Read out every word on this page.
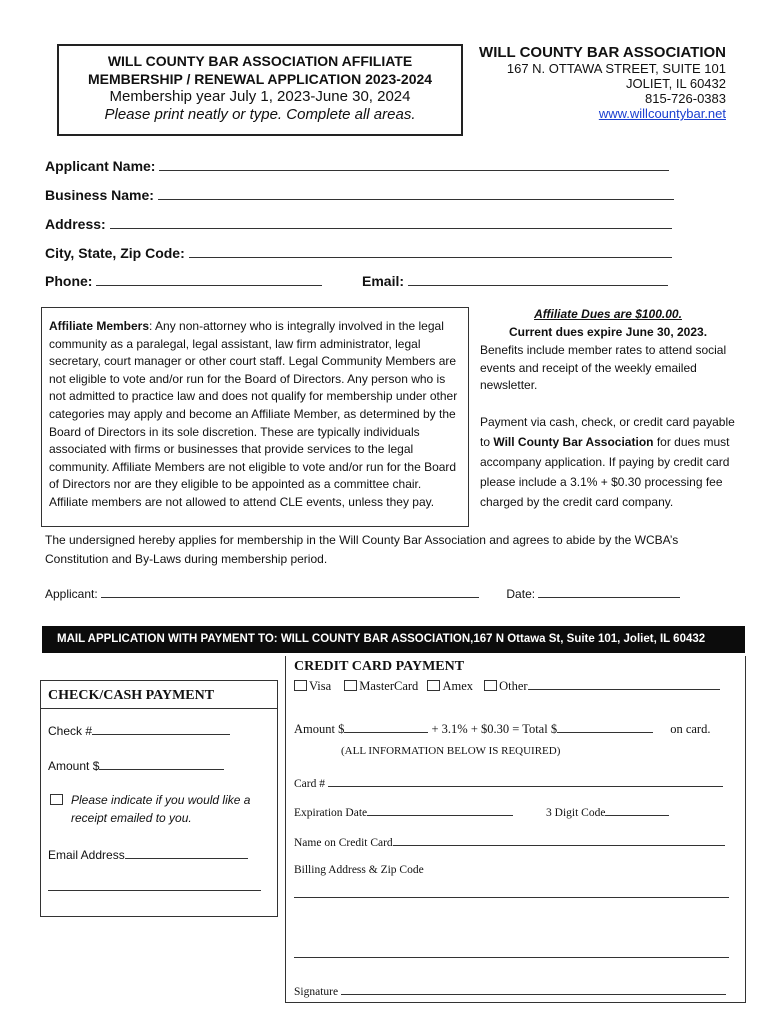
WILL COUNTY BAR ASSOCIATION AFFILIATE
MEMBERSHIP / RENEWAL APPLICATION 2023-2024
Membership year July 1, 2023-June 30, 2024
Please print neatly or type. Complete all areas.
WILL COUNTY BAR ASSOCIATION
167 N. OTTAWA STREET, SUITE 101
JOLIET, IL 60432
815-726-0383
www.willcountybar.net
Applicant Name:
Business Name:
Address:
City, State, Zip Code:
Phone:	Email:
Affiliate Members: Any non-attorney who is integrally involved in the legal community as a paralegal, legal assistant, law firm administrator, legal secretary, court manager or other court staff. Legal Community Members are not eligible to vote and/or run for the Board of Directors. Any person who is not admitted to practice law and does not qualify for membership under other categories may apply and become an Affiliate Member, as determined by the Board of Directors in its sole discretion. These are typically individuals associated with firms or businesses that provide services to the legal community. Affiliate Members are not eligible to vote and/or run for the Board of Directors nor are they eligible to be appointed as a committee chair. Affiliate members are not allowed to attend CLE events, unless they pay.
Affiliate Dues are $100.00.
Current dues expire June 30, 2023.
Benefits include member rates to attend social events and receipt of the weekly emailed newsletter.
Payment via cash, check, or credit card payable to Will County Bar Association for dues must accompany application. If paying by credit card please include a 3.1% + $0.30 processing fee charged by the credit card company.
The undersigned hereby applies for membership in the Will County Bar Association and agrees to abide by the WCBA’s Constitution and By-Laws during membership period.
Applicant:	Date:
MAIL APPLICATION WITH PAYMENT TO: WILL COUNTY BAR ASSOCIATION,167 N Ottawa St, Suite 101, Joliet, IL 60432
CHECK/CASH PAYMENT
Check #
Amount $
Please indicate if you would like a receipt emailed to you.
Email Address
CREDIT CARD PAYMENT
Visa MasterCard Amex Other
Amount $	+ 3.1% + $0.30 = Total $	on card.
(ALL INFORMATION BELOW IS REQUIRED)
Card #
Expiration Date	3 Digit Code
Name on Credit Card
Billing Address & Zip Code
Signature
